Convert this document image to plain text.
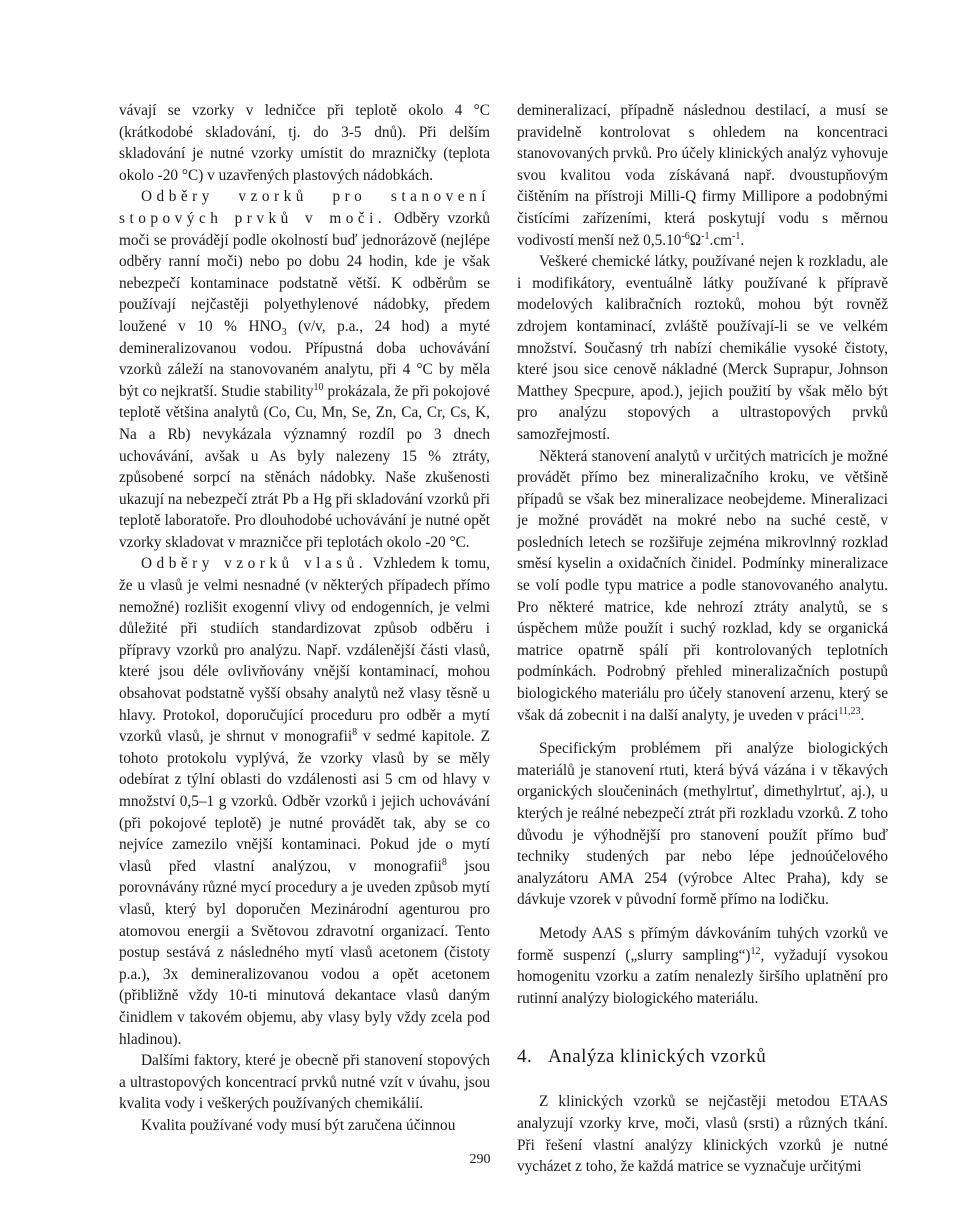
vávají se vzorky v ledničce při teplotě okolo 4 °C (krátkodobé skladování, tj. do 3-5 dnů). Při delším skladování je nutné vzorky umístit do mrazničky (teplota okolo -20 °C) v uzavřených plastových nádobkách.

Odběry vzorků pro stanovení stopových prvků v moči. Odběry vzorků moči se provádějí podle okolností buď jednorázově (nejlépe odběry ranní moči) nebo po dobu 24 hodin, kde je však nebezpečí kontaminace podstatně větší. K odběrům se používají nejčastěji polyethylenové nádobky, předem loužené v 10 % $HNO_3$ (v/v, p.a., 24 hod) a myté demineralizovanou vodou. Přípustná doba uchovávání vzorků záleží na stanovovaném analytu, při 4 °C by měla být co nejkratší. Studie stability$^{10}$ prokázala, že při pokojové teplotě většina analytů (Co, Cu, Mn, Se, Zn, Ca, Cr, Cs, K, Na a Rb) nevykázala významný rozdíl po 3 dnech uchovávání, avšak u As byly nalezeny 15 % ztráty, způsobené sorpcí na stěnách nádobky. Naše zkušenosti ukazují na nebezpečí ztrát Pb a Hg při skladování vzorků při teplotě laboratoře. Pro dlouhodobé uchovávání je nutné opět vzorky skladovat v mrazničce při teplotách okolo -20 °C.

Odběry vzorků vlasů. Vzhledem k tomu, že u vlasů je velmi nesnadné (v některých případech přímo nemožné) rozlišit exogenní vlivy od endogenních, je velmi důležité při studiích standardizovat způsob odběru i přípravy vzorků pro analýzu. Např. vzdálenější části vlasů, které jsou déle ovlivňovány vnější kontaminací, mohou obsahovat podstatně vyšší obsahy analytů než vlasy těsně u hlavy. Protokol, doporučující proceduru pro odběr a mytí vzorků vlasů, je shrnut v monografii$^8$ v sedmé kapitole. Z tohoto protokolu vyplývá, že vzorky vlasů by se měly odebírat z týlní oblasti do vzdálenosti asi 5 cm od hlavy v množství 0,5–1 g vzorků. Odběr vzorků i jejich uchovávání (při pokojové teplotě) je nutné provádět tak, aby se co nejvíce zamezilo vnější kontaminaci. Pokud jde o mytí vlasů před vlastní analýzou, v monografii$^8$ jsou porovnávány různé mycí procedury a je uveden způsob mytí vlasů, který byl doporučen Mezinárodní agenturou pro atomovou energii a Světovou zdravotní organizací. Tento postup sestává z následného mytí vlasů acetonem (čistoty p.a.), 3x demineralizovanou vodou a opět acetonem (přibližně vždy 10-ti minutová dekantace vlasů daným činidlem v takovém objemu, aby vlasy byly vždy zcela pod hladinou).

Dalšími faktory, které je obecně při stanovení stopových a ultrastopových koncentrací prvků nutné vzít v úvahu, jsou kvalita vody i veškerých používaných chemikálií.

Kvalita používané vody musí být zaručena účinnou

demineralizací, případně následnou destilací, a musí se pravidelně kontrolovat s ohledem na koncentraci stanovovaných prvků. Pro účely klinických analýz vyhovuje svou kvalitou voda získávaná např. dvoustupňovým čištěním na přístroji Milli-Q firmy Millipore a podobnými čistícími zařízeními, která poskytují vodu s měrnou vodivostí menší než $0,5.10^{-6}\Omega^{-1}.cm^{-1}$.

Veškeré chemické látky, používané nejen k rozkladu, ale i modifikátory, eventuálně látky používané k přípravě modelových kalibračních roztoků, mohou být rovněž zdrojem kontaminací, zvláště používají-li se ve velkém množství. Současný trh nabízí chemikálie vysoké čistoty, které jsou sice cenově nákladné (Merck Suprapur, Johnson Matthey Specpure, apod.), jejich použití by však mělo být pro analýzu stopových a ultrastopových prvků samozřejmostí.

Některá stanovení analytů v určitých matricích je možné provádět přímo bez mineralizačního kroku, ve většině případů se však bez mineralizace neobejdeme. Mineralizaci je možné provádět na mokré nebo na suché cestě, v posledních letech se rozšiřuje zejména mikrovlnný rozklad směsí kyselin a oxidačních činidel. Podmínky mineralizace se volí podle typu matrice a podle stanovovaného analytu. Pro některé matrice, kde nehrozí ztráty analytů, se s úspěchem může použít i suchý rozklad, kdy se organická matrice opatrně spálí při kontrolovaných teplotních podmínkách. Podrobný přehled mineralizačních postupů biologického materiálu pro účely stanovení arzenu, který se však dá zobecnit i na další analyty, je uveden v práci$^{11,23}$.

Specifickým problémem při analýze biologických materiálů je stanovení rtuti, která bývá vázána i v těkavých organických sloučeninách (methylrtuť, dimethylrtuť, aj.), u kterých je reálné nebezpečí ztrát při rozkladu vzorků. Z toho důvodu je výhodnější pro stanovení použít přímo buď techniky studených par nebo lépe jednoúčelového analyzátoru AMA 254 (výrobce Altec Praha), kdy se dávkuje vzorek v původní formě přímo na lodičku.

Metody AAS s přímým dávkováním tuhých vzorků ve formě suspenzí („slurry sampling“)$^{12}$, vyžadují vysokou homogenitu vzorku a zatím nenalezly širšího uplatnění pro rutinní analýzy biologického materiálu.

4. Analýza klinických vzorků

Z klinických vzorků se nejčastěji metodou ETAAS analyzují vzorky krve, moči, vlasů (srsti) a různých tkání. Při řešení vlastní analýzy klinických vzorků je nutné vycházet z toho, že každá matrice se vyznačuje určitými

290
